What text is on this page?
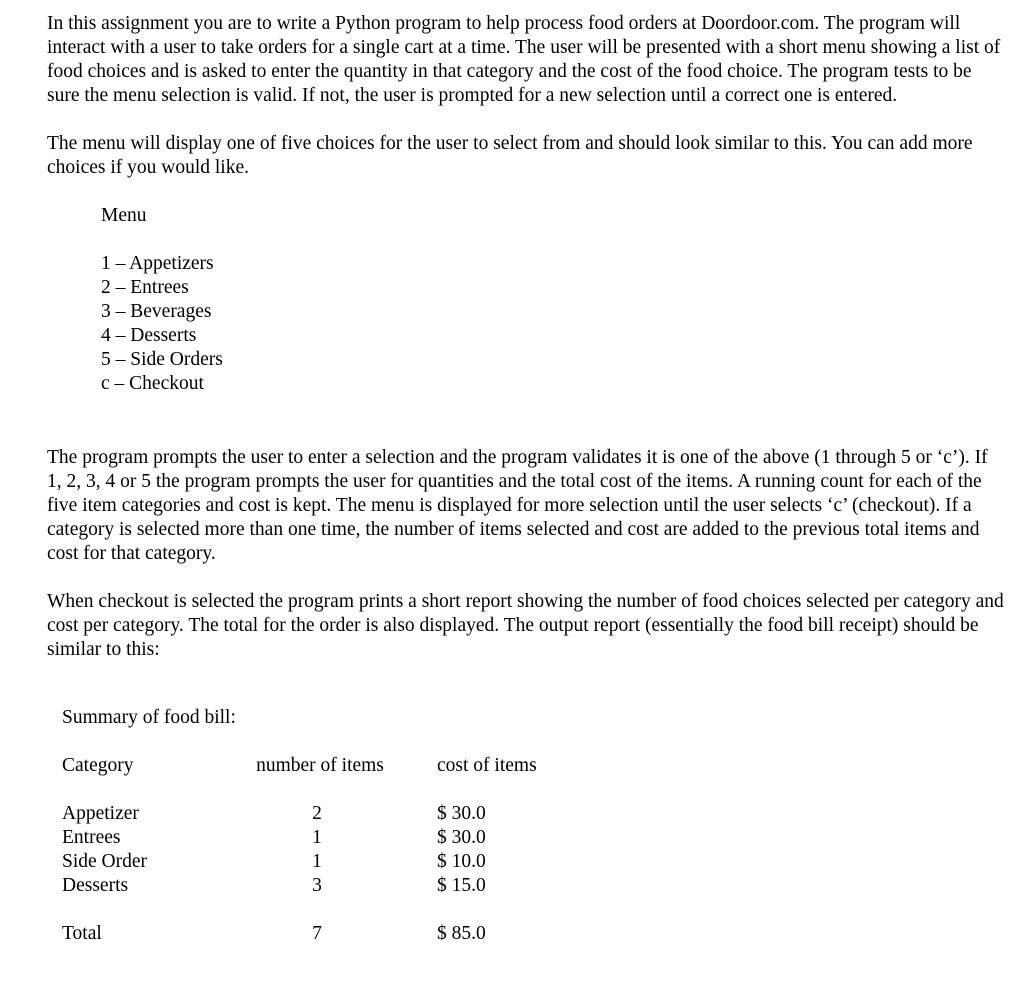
In this assignment you are to write a Python program to help process food orders at Doordoor.com. The program will interact with a user to take orders for a single cart at a time. The user will be presented with a short menu showing a list of food choices and is asked to enter the quantity in that category and the cost of the food choice. The program tests to be sure the menu selection is valid. If not, the user is prompted for a new selection until a correct one is entered.

The menu will display one of five choices for the user to select from and should look similar to this. You can add more choices if you would like.

Menu
1 – Appetizers
2 – Entrees
3 – Beverages
4 – Desserts
5 – Side Orders
c – Checkout

The program prompts the user to enter a selection and the program validates it is one of the above (1 through 5 or ‘c’). If 1, 2, 3, 4 or 5 the program prompts the user for quantities and the total cost of the items. A running count for each of the five item categories and cost is kept. The menu is displayed for more selection until the user selects ‘c’ (checkout). If a category is selected more than one time, the number of items selected and cost are added to the previous total items and cost for that category.

When checkout is selected the program prints a short report showing the number of food choices selected per category and cost per category. The total for the order is also displayed. The output report (essentially the food bill receipt) should be similar to this:

Summary of food bill:
Category	number of items	cost of items
Appetizer	2	$ 30.0
Entrees	1	$ 30.0
Side Order	1	$ 10.0
Desserts	3	$ 15.0
Total	7	$ 85.0
